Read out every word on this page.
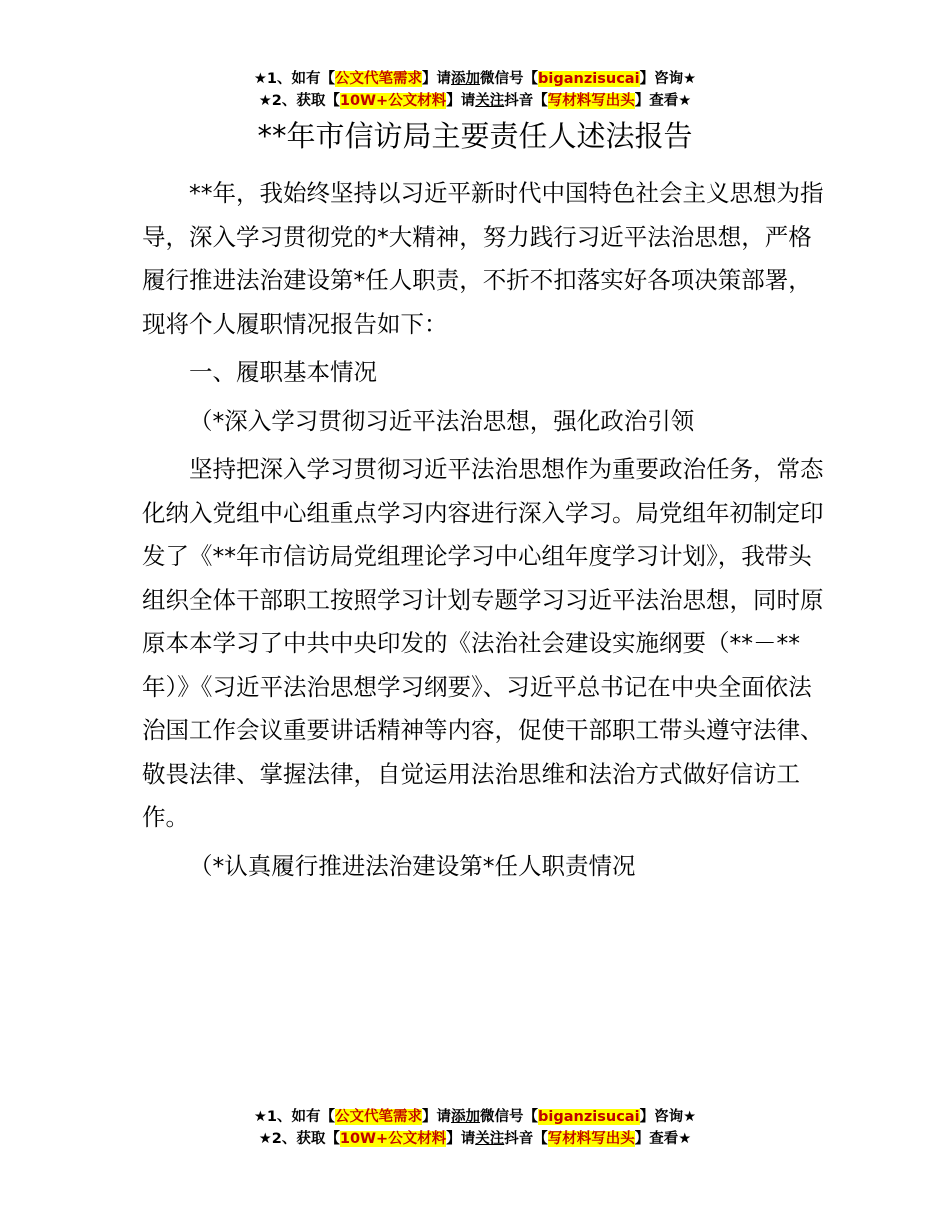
★1、如有【公文代笔需求】请添加微信号【biganzisucai】咨询★
★2、获取【10W+公文材料】请关注抖音【写材料写出头】查看★
**年市信访局主要责任人述法报告

**年，我始终坚持以习近平新时代中国特色社会主义思想为指导，深入学习贯彻党的*大精神，努力践行习近平法治思想，严格履行推进法治建设第*任人职责，不折不扣落实好各项决策部署，现将个人履职情况报告如下：

一、履职基本情况

（*深入学习贯彻习近平法治思想，强化政治引领

坚持把深入学习贯彻习近平法治思想作为重要政治任务，常态化纳入党组中心组重点学习内容进行深入学习。局党组年初制定印发了《**年市信访局党组理论学习中心组年度学习计划》，我带头组织全体干部职工按照学习计划专题学习习近平法治思想，同时原原本本学习了中共中央印发的《法治社会建设实施纲要（**－**年）》《习近平法治思想学习纲要》、习近平总书记在中央全面依法治国工作会议重要讲话精神等内容，促使干部职工带头遵守法律、敬畏法律、掌握法律，自觉运用法治思维和法治方式做好信访工作。

（*认真履行推进法治建设第*任人职责情况

★1、如有【公文代笔需求】请添加微信号【biganzisucai】咨询★
★2、获取【10W+公文材料】请关注抖音【写材料写出头】查看★
